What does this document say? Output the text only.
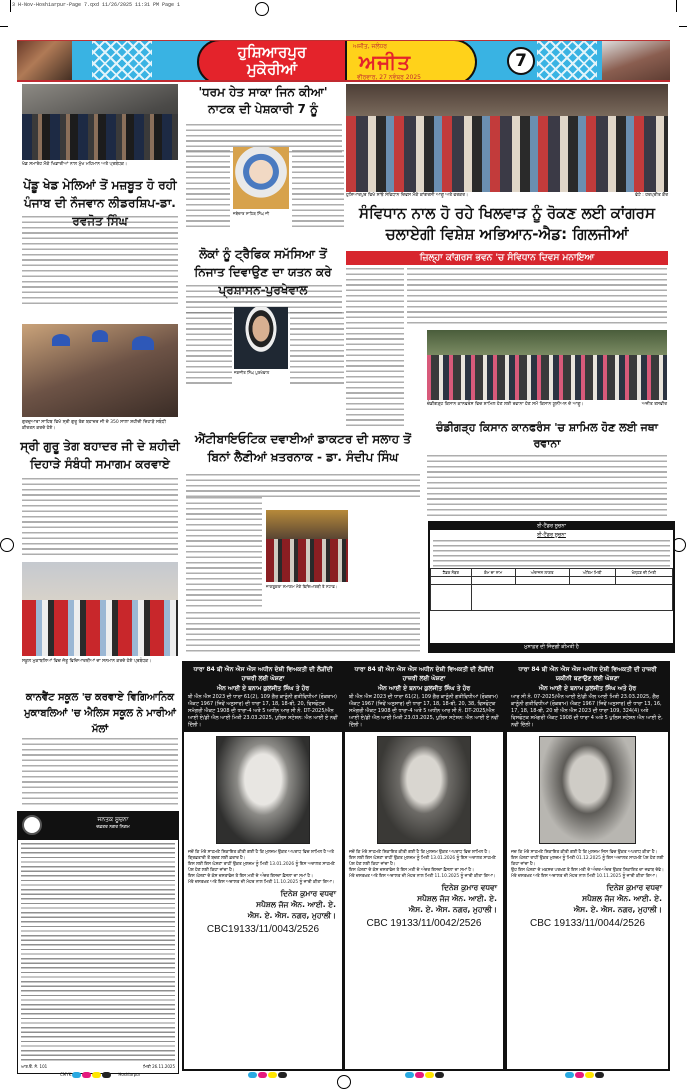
3 H-Nov-Hoshiarpur-Page 7.qxd 11/26/2025 11:31 PM Page 1
ਹੁਸ਼ਿਆਰਪੁਰ
ਮੁਕੇਰੀਆਂ
ਅਜੀਤ, ਜਲੰਧਰ
ਅਜੀਤ
ਵੀਰਵਾਰ, 27 ਨਵੰਬਰ 2025
7
ਖੇਡ ਸਮਾਰੋਹ ਮੌਕੇ ਖਿਡਾਰੀਆਂ ਨਾਲ ਮੁੱਖ ਮਹਿਮਾਨ ਅਤੇ ਪ੍ਰਬੰਧਕ।
ਪੇਂਡੂ ਖੇਡ ਮੇਲਿਆਂ ਤੋਂ ਮਜ਼ਬੂਤ ਹੋ ਰਹੀ ਪੰਜਾਬ ਦੀ ਨੌਜਵਾਨ ਲੀਡਰਸ਼ਿਪ-ਡਾ. ਰਵਜੋਤ ਸਿੰਘ
'ਧਰਮ ਹੇਤ ਸਾਕਾ ਜਿਨ ਕੀਆ'
ਨਾਟਕ ਦੀ ਪੇਸ਼ਕਾਰੀ 7 ਨੂੰ
ਜਥੇਦਾਰ ਸਾਹਿਬ ਸਿੰਘ ਜੀ
ਲੋਕਾਂ ਨੂੰ ਟ੍ਰੈਫਿਕ ਸਮੱਸਿਆ ਤੋਂ ਨਿਜਾਤ ਦਿਵਾਉਣ ਦਾ ਯਤਨ ਕਰੇ ਪ੍ਰਸ਼ਾਸਨ-ਪੁਰਖੇਵਾਲ
ਜਗਜੀਤ ਸਿੰਘ ਪੁਰਖੇਵਾਲ
ਗੁਰਦੁਆਰਾ ਸਾਹਿਬ ਵਿਖੇ ਸ੍ਰੀ ਗੁਰੂ ਤੇਗ ਬਹਾਦਰ ਜੀ ਦੇ 350 ਸਾਲਾ ਸ਼ਹੀਦੀ ਦਿਹਾੜੇ ਸਬੰਧੀ ਕੀਰਤਨ ਕਰਦੇ ਹੋਏ।
ਸ੍ਰੀ ਗੁਰੂ ਤੇਗ ਬਹਾਦਰ ਜੀ ਦੇ ਸ਼ਹੀਦੀ ਦਿਹਾੜੇ ਸੰਬੰਧੀ ਸਮਾਗਮ ਕਰਵਾਏ
ਐਂਟੀਬਾਇਓਟਿਕ ਦਵਾਈਆਂ ਡਾਕਟਰ ਦੀ ਸਲਾਹ ਤੋਂ ਬਿਨਾਂ ਲੈਣੀਆਂ ਖ਼ਤਰਨਾਕ - ਡਾ. ਸੰਦੀਪ ਸਿੰਘ
ਜਾਗਰੂਕਤਾ ਸਮਾਗਮ ਮੌਕੇ ਵਿਦਿਆਰਥੀ ਤੇ ਸਟਾਫ਼।
ਸਕੂਲ ਮੁਕਾਬਲਿਆਂ ਵਿਚ ਜੇਤੂ ਵਿਦਿਆਰਥੀਆਂ ਦਾ ਸਨਮਾਨ ਕਰਦੇ ਹੋਏ ਪ੍ਰਬੰਧਕ।
ਕਾਨਵੈਂਟ ਸਕੂਲ 'ਚ ਕਰਵਾਏ ਵਿਗਿਆਨਿਕ ਮੁਕਾਬਲਿਆਂ 'ਚ ਐਲਿਸ ਸਕੂਲ ਨੇ ਮਾਰੀਆਂ ਮੱਲਾਂ
ਜਨਤਕ ਸੂਚਨਾ
ਦਫ਼ਤਰ ਨਗਰ ਨਿਗਮ
ਆਰ.ਓ. ਨੰ. 101	ਮਿਤੀ 26.11.2025
ਹੁਸ਼ਿਆਰਪੁਰ ਵਿਖੇ ਸਾਂਝੇ ਸੰਵਿਧਾਨ ਦਿਵਸ ਮੌਕੇ ਕਾਂਗਰਸੀ ਆਗੂ ਅਤੇ ਵਰਕਰ।	ਫੋਟੋ : ਹਰਪ੍ਰੀਤ ਕੌਰ
ਸੰਵਿਧਾਨ ਨਾਲ ਹੋ ਰਹੇ ਖਿਲਵਾੜ ਨੂੰ ਰੋਕਣ ਲਈ ਕਾਂਗਰਸ ਚਲਾਏਗੀ ਵਿਸ਼ੇਸ਼ ਅਭਿਆਨ-ਐਡ: ਗਿਲਜੀਆਂ
ਜ਼ਿਲ੍ਹਾ ਕਾਂਗਰਸ ਭਵਨ 'ਚ ਸੰਵਿਧਾਨ ਦਿਵਸ ਮਨਾਇਆ
ਚੰਡੀਗੜ੍ਹ ਕਿਸਾਨ ਕਾਨਫਰੰਸ ਵਿਚ ਸ਼ਾਮਿਲ ਹੋਣ ਲਈ ਰਵਾਨਾ ਹੋਣ ਸਮੇਂ ਕਿਸਾਨ ਯੂਨੀਅਨ ਦੇ ਆਗੂ।	ਅਜੀਤ ਤਸਵੀਰ
ਚੰਡੀਗੜ੍ਹ ਕਿਸਾਨ ਕਾਨਫਰੰਸ 'ਚ ਸ਼ਾਮਿਲ ਹੋਣ ਲਈ ਜਥਾ ਰਵਾਨਾ
ਈ-ਟੈਂਡਰ ਸੂਚਨਾ
ਈ-ਟੈਂਡਰ ਸੂਚਨਾ
ਟੈਂਡਰ ਨੰਬਰ	ਕੰਮ ਦਾ ਨਾਮ	ਅੰਦਾਜ਼ਨ ਲਾਗਤ	ਅੰਤਿਮ ਮਿਤੀ	ਖੋਲ੍ਹਣ ਦੀ ਮਿਤੀ

ਮੁਸਾਫ਼ਰ ਦੀ ਜਿੰਦਗੀ ਕੀਮਤੀ ਹੈ
ਧਾਰਾ 84 ਬੀ ਐਨ ਐਸ ਐਸ ਅਧੀਨ ਦੋਸ਼ੀ ਵਿਅਕਤੀ ਦੀ ਲੋੜੀਂਦੀ ਹਾਜ਼ਰੀ ਲਈ ਘੋਸ਼ਣਾ
ਐਨ ਆਈ ਏ ਬਨਾਮ ਕੁਲਜੀਤ ਸਿੰਘ ਤੇ ਹੋਰ
ਬੀ ਐਨ ਐਸ 2023 ਦੀ ਧਾਰਾ 61(2), 109 ਗੈਰ ਕਾਨੂੰਨੀ ਗਤੀਵਿਧੀਆਂ (ਰੋਕਥਾਮ) ਐਕਟ 1967 (ਜਿਵੇਂ ਅਨੁਸਾਰ) ਦੀ ਧਾਰਾ 17, 18, 18-ਬੀ, 20, ਵਿਸਫੋਟਕ ਸਮੱਗਰੀ ਐਕਟ 1908 ਦੀ ਧਾਰਾ-4 ਅਤੇ 5 ਅਧੀਨ ਆਰ ਸੀ ਨੰ. DT-2025/ਐਨ ਆਈ ਏ/ਡੀ ਐਲ ਆਈ ਮਿਤੀ 23.03.2025, ਪੁਲਿਸ ਸਟੇਸ਼ਨ: ਐਨ ਆਈ ਏ ਨਵੀਂ ਦਿੱਲੀ।
ਜਦੋਂ ਕਿ ਮੇਰੇ ਸਾਹਮਣੇ ਸ਼ਿਕਾਇਤ ਕੀਤੀ ਗਈ ਹੈ ਕਿ ਮੁਲਜ਼ਮ ਉਕਤ ਅਪਰਾਧ ਵਿਚ ਸ਼ਾਮਿਲ ਹੈ ਅਤੇ ਗ੍ਰਿਫ਼ਤਾਰੀ ਤੋਂ ਬਚਣ ਲਈ ਫ਼ਰਾਰ ਹੈ।
ਇਸ ਲਈ ਇਸ ਘੋਸ਼ਣਾ ਰਾਹੀਂ ਉਕਤ ਮੁਲਜ਼ਮ ਨੂੰ ਮਿਤੀ 13.01.2026 ਨੂੰ ਇਸ ਅਦਾਲਤ ਸਾਹਮਣੇ ਪੇਸ਼ ਹੋਣ ਲਈ ਕਿਹਾ ਜਾਂਦਾ ਹੈ।
ਇਸ ਘੋਸ਼ਣਾ ਦੇ ਕੇਸ ਦਸਤਾਵੇਜ਼ ਤੇ ਇਸ ਮਤੀ ਦੇ ਅੰਦਰ ਇਸਦਾ ਫ਼ੈਸਲਾ ਦਾ ਸਮਾਂ ਹੈ।
ਮੇਰੇ ਦਸਤਖ਼ਤ ਅਤੇ ਇਸ ਅਦਾਲਤ ਦੀ ਮੋਹਰ ਨਾਲ ਮਿਤੀ 11.10.2025 ਨੂੰ ਜਾਰੀ ਕੀਤਾ ਗਿਆ।
ਦਿਨੇਸ਼ ਕੁਮਾਰ ਵਧਵਾ
ਸਪੈਸ਼ਲ ਜੱਜ ਐਨ. ਆਈ. ਏ.
ਐਸ. ਏ. ਐਸ. ਨਗਰ, ਮੁਹਾਲੀ।
CBC19133/11/0043/2526
ਧਾਰਾ 84 ਬੀ ਐਨ ਐਸ ਐਸ ਅਧੀਨ ਦੋਸ਼ੀ ਵਿਅਕਤੀ ਦੀ ਲੋੜੀਂਦੀ ਹਾਜ਼ਰੀ ਲਈ ਘੋਸ਼ਣਾ
ਐਨ ਆਈ ਏ ਬਨਾਮ ਕੁਲਜੀਤ ਸਿੰਘ ਤੇ ਹੋਰ
ਬੀ ਐਨ ਐਸ 2023 ਦੀ ਧਾਰਾ 61(2), 109 ਗੈਰ ਕਾਨੂੰਨੀ ਗਤੀਵਿਧੀਆਂ (ਰੋਕਥਾਮ) ਐਕਟ 1967 (ਜਿਵੇਂ ਅਨੁਸਾਰ) ਦੀ ਧਾਰਾ 17, 18, 18-ਬੀ, 20, 38, ਵਿਸਫੋਟਕ ਸਮੱਗਰੀ ਐਕਟ 1908 ਦੀ ਧਾਰਾ-4 ਅਤੇ 5 ਅਧੀਨ ਆਰ ਸੀ ਨੰ. DT-2025/ਐਨ ਆਈ ਏ/ਡੀ ਐਲ ਆਈ ਮਿਤੀ 23.03.2025, ਪੁਲਿਸ ਸਟੇਸ਼ਨ: ਐਨ ਆਈ ਏ ਨਵੀਂ ਦਿੱਲੀ।
ਜਦੋਂ ਕਿ ਮੇਰੇ ਸਾਹਮਣੇ ਸ਼ਿਕਾਇਤ ਕੀਤੀ ਗਈ ਹੈ ਕਿ ਮੁਲਜ਼ਮ ਉਕਤ ਅਪਰਾਧ ਵਿਚ ਸ਼ਾਮਿਲ ਹੈ।
ਇਸ ਲਈ ਇਸ ਘੋਸ਼ਣਾ ਰਾਹੀਂ ਉਕਤ ਮੁਲਜ਼ਮ ਨੂੰ ਮਿਤੀ 13.01.2026 ਨੂੰ ਇਸ ਅਦਾਲਤ ਸਾਹਮਣੇ ਪੇਸ਼ ਹੋਣ ਲਈ ਕਿਹਾ ਜਾਂਦਾ ਹੈ।
ਇਸ ਘੋਸ਼ਣਾ ਦੇ ਕੇਸ ਦਸਤਾਵੇਜ਼ ਤੇ ਇਸ ਮਤੀ ਦੇ ਅੰਦਰ ਇਸਦਾ ਫ਼ੈਸਲਾ ਦਾ ਸਮਾਂ ਹੈ।
ਮੇਰੇ ਦਸਤਖ਼ਤ ਅਤੇ ਇਸ ਅਦਾਲਤ ਦੀ ਮੋਹਰ ਨਾਲ ਮਿਤੀ 11.10.2025 ਨੂੰ ਜਾਰੀ ਕੀਤਾ ਗਿਆ।
ਦਿਨੇਸ਼ ਕੁਮਾਰ ਵਧਵਾ
ਸਪੈਸ਼ਲ ਜੱਜ ਐਨ. ਆਈ. ਏ.
ਐਸ. ਏ. ਐਸ. ਨਗਰ, ਮੁਹਾਲੀ।
CBC 19133/11/0042/2526
ਧਾਰਾ 84 ਬੀ ਐਨ ਐਸ ਐਸ ਅਧੀਨ ਦੋਸ਼ੀ ਵਿਅਕਤੀ ਦੀ ਹਾਜ਼ਰੀ ਯਕੀਨੀ ਬਣਾਉਣ ਲਈ ਘੋਸ਼ਣਾ
ਐਨ ਆਈ ਏ ਬਨਾਮ ਕੁਲਜੀਤ ਸਿੰਘ ਅਤੇ ਹੋਰ
ਆਰ ਸੀ ਨੰ. 07-2025/ਐਨ ਆਈ ਏ/ਡੀ ਐਲ ਆਈ ਮਿਤੀ 23.03.2025, ਗੈਰ ਕਾਨੂੰਨੀ ਗਤੀਵਿਧੀਆਂ (ਰੋਕਥਾਮ) ਐਕਟ 1967 (ਜਿਵੇਂ ਅਨੁਸਾਰ) ਦੀ ਧਾਰਾ 13, 16, 17, 18, 18-ਬੀ, 20 ਬੀ ਐਨ ਐਸ 2023 ਦੀ ਧਾਰਾ 109, 324(4) ਅਤੇ ਵਿਸਫੋਟਕ ਸਮੱਗਰੀ ਐਕਟ 1908 ਦੀ ਧਾਰਾ 4 ਅਤੇ 5 ਪੁਲਿਸ ਸਟੇਸ਼ਨ ਐਨ ਆਈ ਏ, ਨਵੀਂ ਦਿੱਲੀ।
ਜਦ ਕਿ ਮੇਰੇ ਸਾਹਮਣੇ ਸ਼ਿਕਾਇਤ ਕੀਤੀ ਗਈ ਹੈ ਕਿ ਮੁਲਜ਼ਮ ਜਿਸ ਵਿਚ ਉਕਤ ਅਪਰਾਧ ਕੀਤਾ ਹੈ।
ਇਸ ਘੋਸ਼ਣਾ ਰਾਹੀਂ ਉਕਤ ਮੁਲਜ਼ਮ ਨੂੰ ਮਿਤੀ 01.12.2025 ਨੂੰ ਇਸ ਅਦਾਲਤ ਸਾਹਮਣੇ ਪੇਸ਼ ਹੋਣ ਲਈ ਕਿਹਾ ਜਾਂਦਾ ਹੈ।
ਉਹ ਇਸ ਘੋਸ਼ਣਾ ਦੇ ਮਕਸਦ ਪਰਖਣ ਤੇ ਇਸ ਮਤੀ ਦੇ ਅੰਦਰ-ਅੰਦਰ ਉਕਤ ਸ਼ਿਕਾਇਤ ਦਾ ਜਵਾਬ ਦੇਵੇ।
ਮੇਰੇ ਦਸਤਖ਼ਤ ਅਤੇ ਇਸ ਅਦਾਲਤ ਦੀ ਮੋਹਰ ਨਾਲ ਮਿਤੀ 10.11.2025 ਨੂੰ ਜਾਰੀ ਕੀਤਾ ਗਿਆ।
ਦਿਨੇਸ਼ ਕੁਮਾਰ ਵਧਵਾ
ਸਪੈਸ਼ਲ ਜੱਜ ਐਨ. ਆਈ. ਏ.
ਐਸ. ਏ. ਐਸ. ਨਗਰ, ਮੁਹਾਲੀ।
CBC 19133/11/0044/2526
CMYK	Hoshiarpur
